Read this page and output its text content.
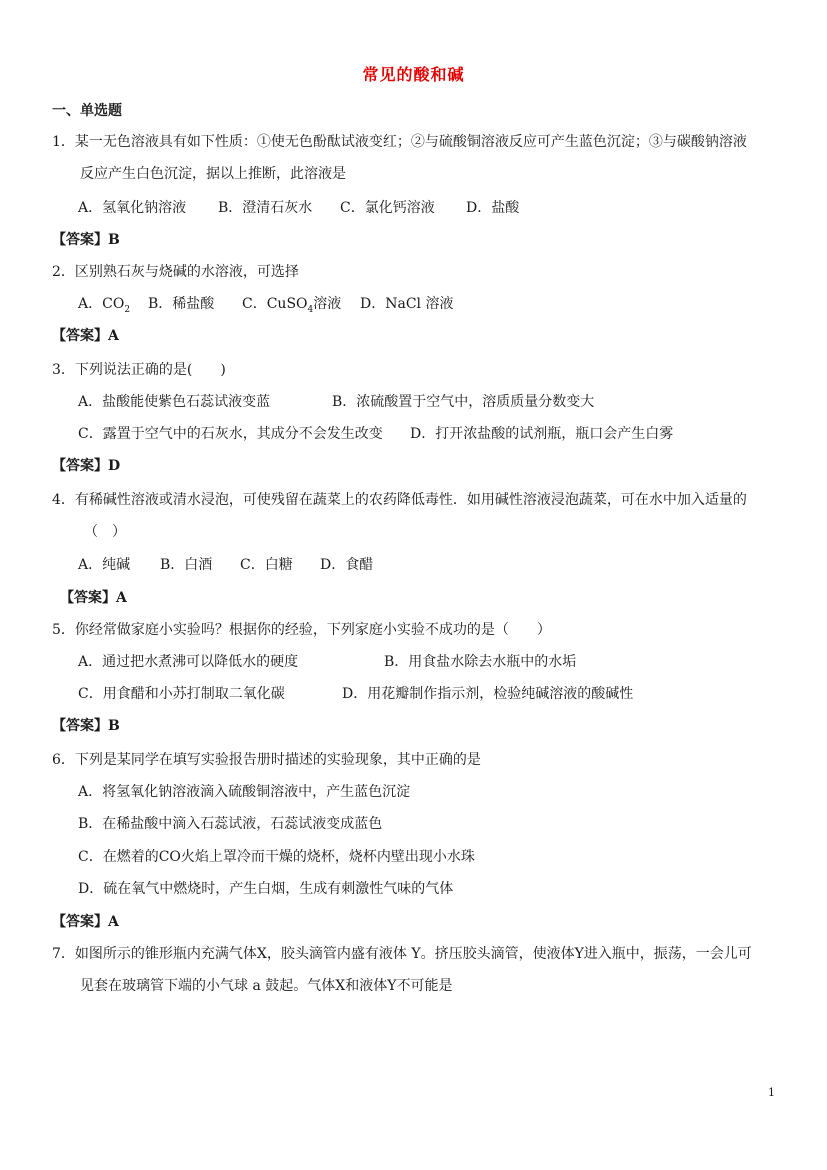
常见的酸和碱
一、单选题
1．某一无色溶液具有如下性质：①使无色酚酞试液变红；②与硫酸铜溶液反应可产生蓝色沉淀；③与碳酸钠溶液
反应产生白色沉淀，据以上推断，此溶液是
A．氢氧化钠溶液 B．澄清石灰水 C．氯化钙溶液 D．盐酸
【答案】B
2．区别熟石灰与烧碱的水溶液，可选择
A．$CO_2$ B．稀盐酸 C．CuSO$_4$溶液 D．NaCl 溶液
【答案】A
3．下列说法正确的是(　　)
A．盐酸能使紫色石蕊试液变蓝	B．浓硫酸置于空气中，溶质质量分数变大
C．露置于空气中的石灰水，其成分不会发生改变 D．打开浓盐酸的试剂瓶，瓶口会产生白雾
【答案】D
4．有稀碱性溶液或清水浸泡，可使残留在蔬菜上的农药降低毒性．如用碱性溶液浸泡蔬菜，可在水中加入适量的
（　）
A．纯碱 B．白酒 C．白糖 D．食醋
【答案】A
5．你经常做家庭小实验吗？根据你的经验，下列家庭小实验不成功的是（　　）
A．通过把水煮沸可以降低水的硬度	B．用食盐水除去水瓶中的水垢
C．用食醋和小苏打制取二氧化碳	D．用花瓣制作指示剂，检验纯碱溶液的酸碱性
【答案】B
6．下列是某同学在填写实验报告册时描述的实验现象，其中正确的是
A．将氢氧化钠溶液滴入硫酸铜溶液中，产生蓝色沉淀
B．在稀盐酸中滴入石蕊试液，石蕊试液变成蓝色
C．在燃着的CO火焰上罩冷而干燥的烧杯，烧杯内壁出现小水珠
D．硫在氧气中燃烧时，产生白烟，生成有刺激性气味的气体
【答案】A
7．如图所示的锥形瓶内充满气体X，胶头滴管内盛有液体 Y。挤压胶头滴管，使液体Y进入瓶中，振荡，一会儿可
见套在玻璃管下端的小气球 a 鼓起。气体X和液体Y不可能是
1
